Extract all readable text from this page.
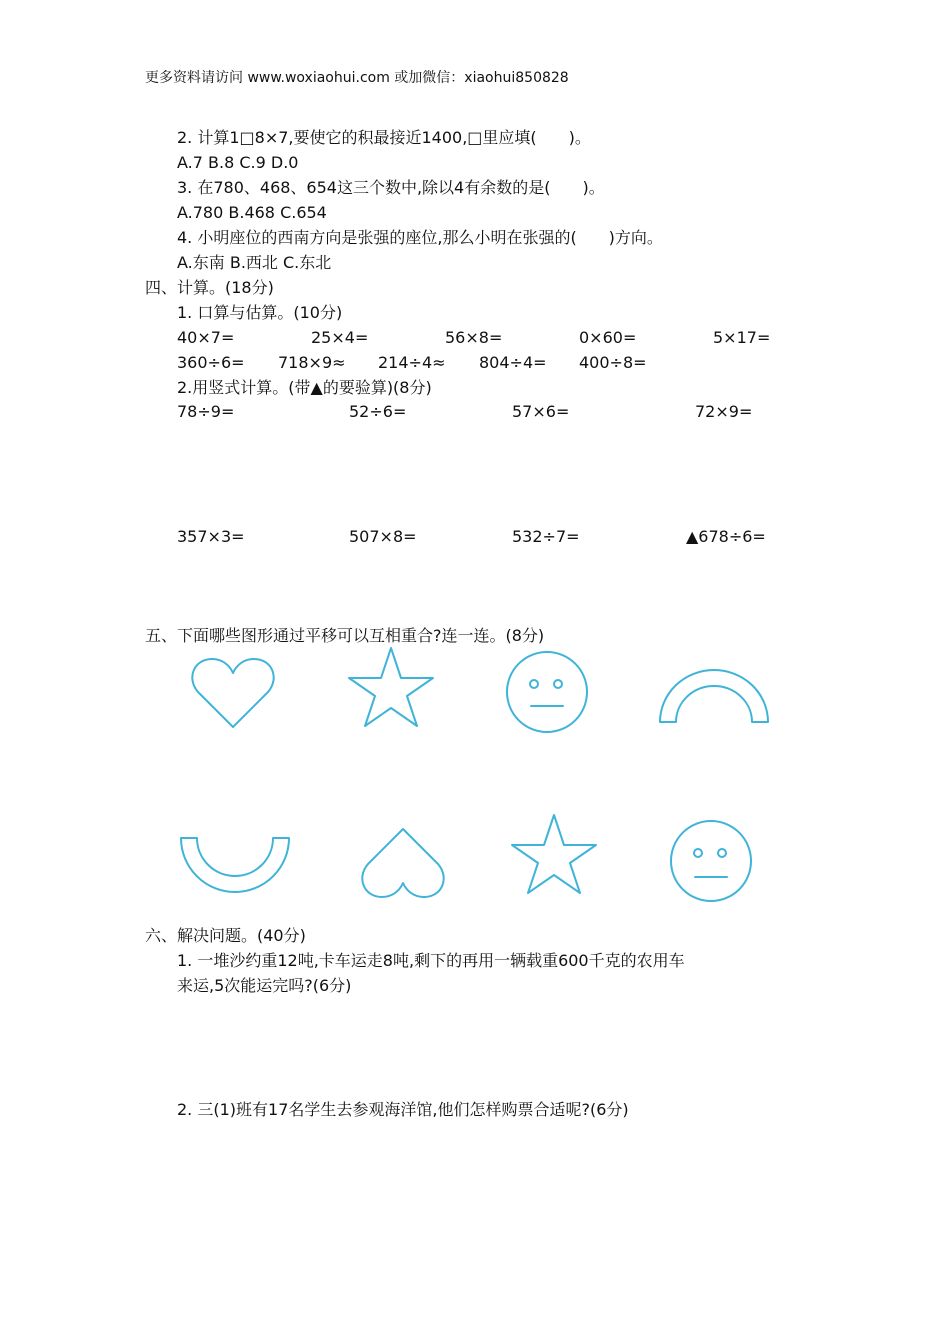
更多资料请访问 www.woxiaohui.com 或加微信：xiaohui850828
2. 计算1□8×7,要使它的积最接近1400,□里应填(　　)。
A.7 B.8 C.9 D.0
3. 在780、468、654这三个数中,除以4有余数的是(　　)。
A.780 B.468 C.654
4. 小明座位的西南方向是张强的座位,那么小明在张强的(　　)方向。
A.东南 B.西北 C.东北
四、计算。(18分)
1. 口算与估算。(10分)
40×7=	25×4=	56×8=	0×60=	5×17=
360÷6= 718×9≈ 214÷4≈ 804÷4= 400÷8=
2.用竖式计算。(带▲的要验算)(8分)
78÷9=	52÷6=	57×6=	72×9=
357×3=	507×8=	532÷7=	▲678÷6=
五、下面哪些图形通过平移可以互相重合?连一连。(8分)
六、解决问题。(40分)
1. 一堆沙约重12吨,卡车运走8吨,剩下的再用一辆载重600千克的农用车
来运,5次能运完吗?(6分)
2. 三(1)班有17名学生去参观海洋馆,他们怎样购票合适呢?(6分)
